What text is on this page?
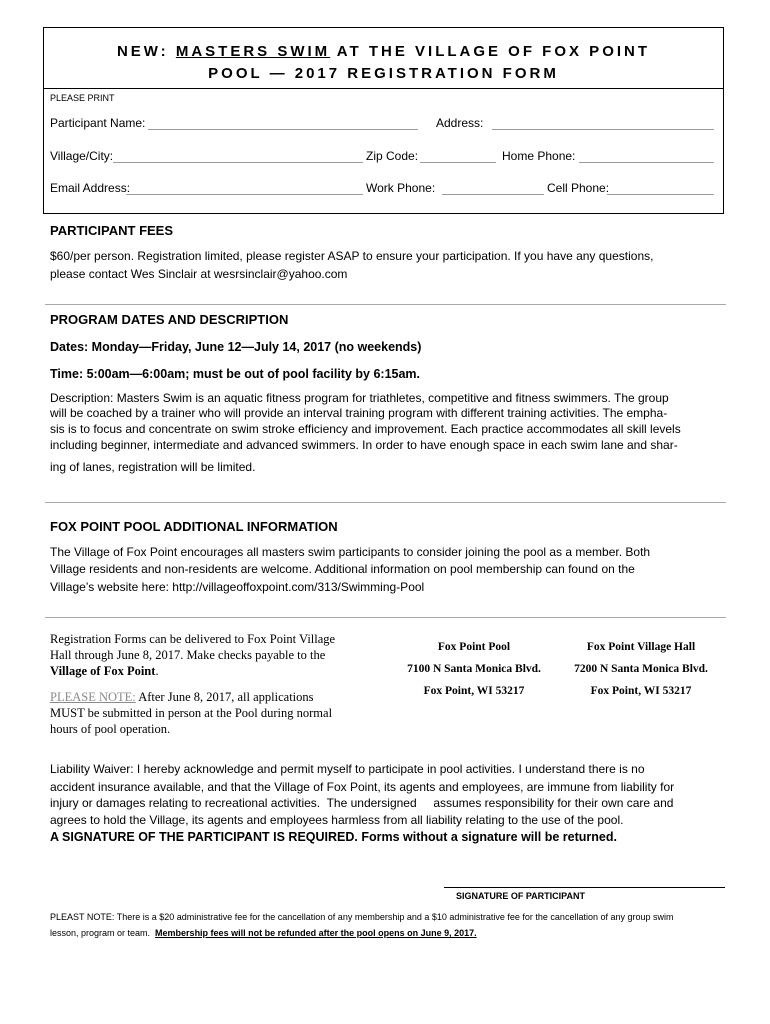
NEW: MASTERS SWIM AT THE VILLAGE OF FOX POINT
POOL — 2017 REGISTRATION FORM
PLEASE PRINT
Participant Name:	Address:
Village/City:	Zip Code:	Home Phone:
Email Address:	Work Phone:	Cell Phone:
PARTICIPANT FEES
$60/per person. Registration limited, please register ASAP to ensure your participation. If you have any questions,
please contact Wes Sinclair at wesrsinclair@yahoo.com
PROGRAM DATES AND DESCRIPTION
Dates: Monday—Friday, June 12—July 14, 2017 (no weekends)
Time: 5:00am—6:00am; must be out of pool facility by 6:15am.
Description: Masters Swim is an aquatic fitness program for triathletes, competitive and fitness swimmers. The group
will be coached by a trainer who will provide an interval training program with different training activities. The empha-
sis is to focus and concentrate on swim stroke efficiency and improvement. Each practice accommodates all skill levels
including beginner, intermediate and advanced swimmers. In order to have enough space in each swim lane and shar-
ing of lanes, registration will be limited.
FOX POINT POOL ADDITIONAL INFORMATION
The Village of Fox Point encourages all masters swim participants to consider joining the pool as a member. Both
Village residents and non-residents are welcome. Additional information on pool membership can found on the
Village’s website here: http://villageoffoxpoint.com/313/Swimming-Pool
Registration Forms can be delivered to Fox Point Village
Hall through June 8, 2017. Make checks payable to the
Village of Fox Point.
PLEASE NOTE: After June 8, 2017, all applications
MUST be submitted in person at the Pool during normal
hours of pool operation.
Fox Point Pool
7100 N Santa Monica Blvd.
Fox Point, WI 53217
Fox Point Village Hall
7200 N Santa Monica Blvd.
Fox Point, WI 53217
Liability Waiver: I hereby acknowledge and permit myself to participate in pool activities. I understand there is no
accident insurance available, and that the Village of Fox Point, its agents and employees, are immune from liability for
injury or damages relating to recreational activities.  The undersigned     assumes responsibility for their own care and
agrees to hold the Village, its agents and employees harmless from all liability relating to the use of the pool.
A SIGNATURE OF THE PARTICIPANT IS REQUIRED. Forms without a signature will be returned.
SIGNATURE OF PARTICIPANT
PLEAST NOTE: There is a $20 administrative fee for the cancellation of any membership and a $10 administrative fee for the cancellation of any group swim
lesson, program or team.  Membership fees will not be refunded after the pool opens on June 9, 2017.
